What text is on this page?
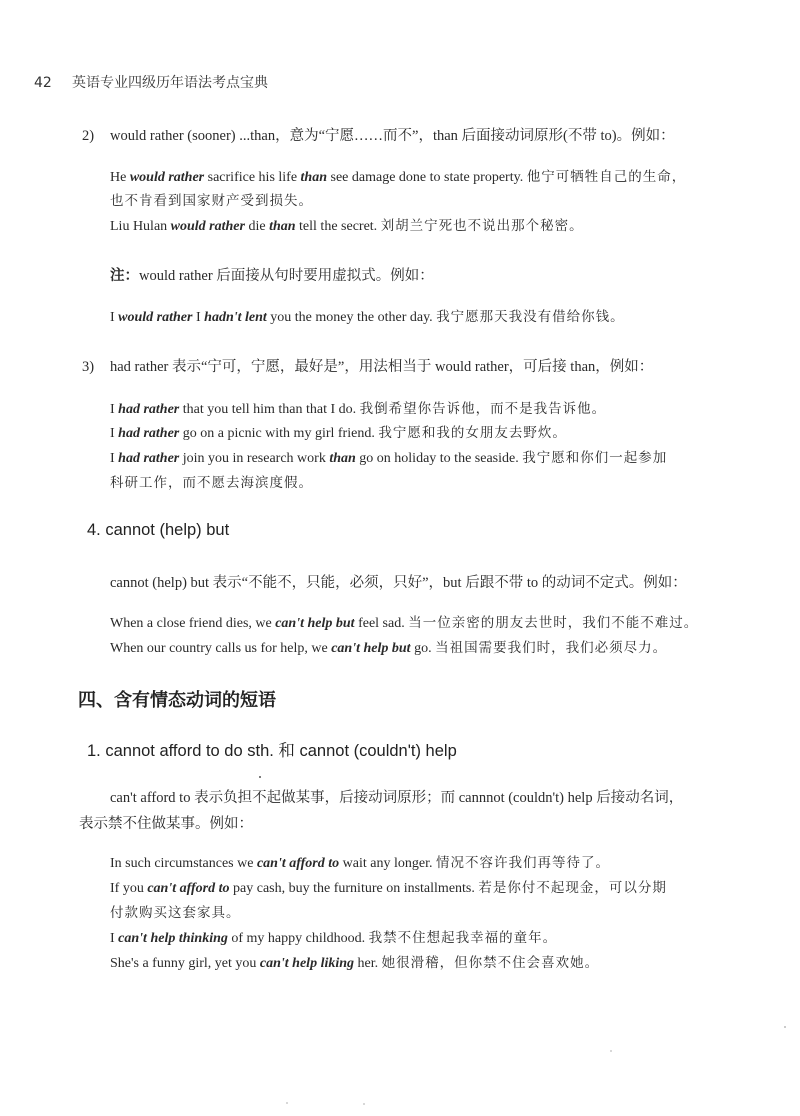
42 英语专业四级历年语法考点宝典
2) would rather (sooner) ...than，意为“宁愿……而不”，than 后面接动词原形(不带 to)。例如：
He would rather sacrifice his life than see damage done to state property. 他宁可牺牲自己的生命，
也不肯看到国家财产受到损失。
Liu Hulan would rather die than tell the secret. 刘胡兰宁死也不说出那个秘密。
注：would rather 后面接从句时要用虚拟式。例如：
I would rather I hadn't lent you the money the other day. 我宁愿那天我没有借给你钱。
3) had rather 表示“宁可，宁愿，最好是”，用法相当于 would rather，可后接 than，例如：
I had rather that you tell him than that I do. 我倒希望你告诉他，而不是我告诉他。
I had rather go on a picnic with my girl friend. 我宁愿和我的女朋友去野炊。
I had rather join you in research work than go on holiday to the seaside. 我宁愿和你们一起参加
科研工作，而不愿去海滨度假。
4. cannot (help) but
cannot (help) but 表示“不能不，只能，必须，只好”，but 后跟不带 to 的动词不定式。例如：
When a close friend dies, we can't help but feel sad. 当一位亲密的朋友去世时，我们不能不难过。
When our country calls us for help, we can't help but go. 当祖国需要我们时，我们必须尽力。
四、含有情态动词的短语
1. cannot afford to do sth. 和 cannot (couldn't) help
can't afford to 表示负担不起做某事，后接动词原形；而 cannnot (couldn't) help 后接动名词，
表示禁不住做某事。例如：
In such circumstances we can't afford to wait any longer. 情况不容许我们再等待了。
If you can't afford to pay cash, buy the furniture on installments. 若是你付不起现金，可以分期
付款购买这套家具。
I can't help thinking of my happy childhood. 我禁不住想起我幸福的童年。
She's a funny girl, yet you can't help liking her. 她很滑稽，但你禁不住会喜欢她。
